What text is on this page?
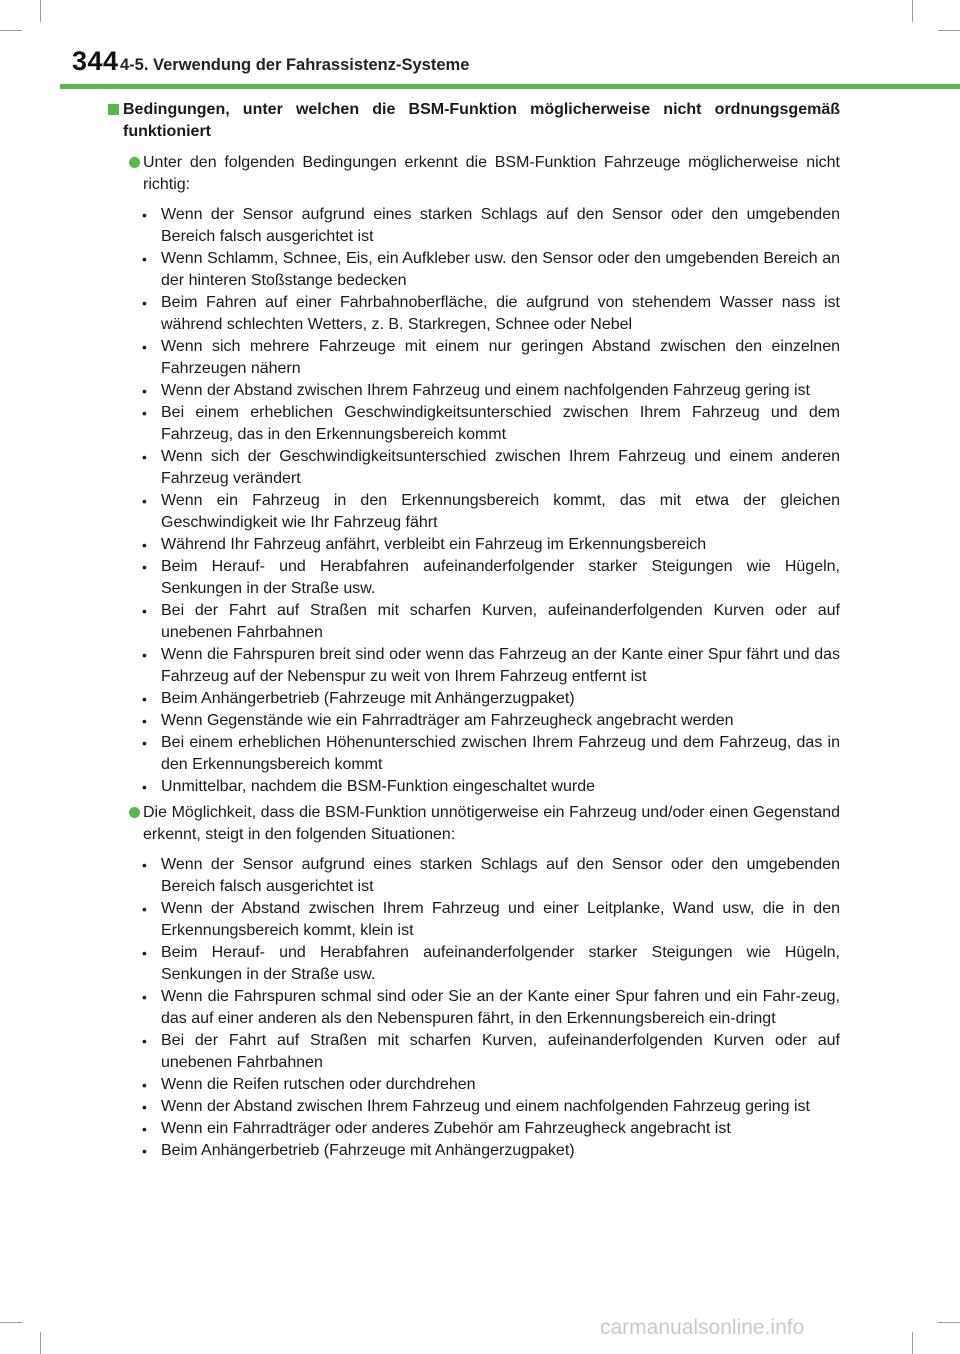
344 4-5. Verwendung der Fahrassistenz-Systeme
Bedingungen, unter welchen die BSM-Funktion möglicherweise nicht ordnungsgemäß funktioniert
Unter den folgenden Bedingungen erkennt die BSM-Funktion Fahrzeuge möglicherweise nicht richtig:
• Wenn der Sensor aufgrund eines starken Schlags auf den Sensor oder den umgebenden Bereich falsch ausgerichtet ist
• Wenn Schlamm, Schnee, Eis, ein Aufkleber usw. den Sensor oder den umgebenden Bereich an der hinteren Stoßstange bedecken
• Beim Fahren auf einer Fahrbahnoberfläche, die aufgrund von stehendem Wasser nass ist während schlechten Wetters, z. B. Starkregen, Schnee oder Nebel
• Wenn sich mehrere Fahrzeuge mit einem nur geringen Abstand zwischen den einzelnen Fahrzeugen nähern
• Wenn der Abstand zwischen Ihrem Fahrzeug und einem nachfolgenden Fahrzeug gering ist
• Bei einem erheblichen Geschwindigkeitsunterschied zwischen Ihrem Fahrzeug und dem Fahrzeug, das in den Erkennungsbereich kommt
• Wenn sich der Geschwindigkeitsunterschied zwischen Ihrem Fahrzeug und einem anderen Fahrzeug verändert
• Wenn ein Fahrzeug in den Erkennungsbereich kommt, das mit etwa der gleichen Geschwindigkeit wie Ihr Fahrzeug fährt
• Während Ihr Fahrzeug anfährt, verbleibt ein Fahrzeug im Erkennungsbereich
• Beim Herauf- und Herabfahren aufeinanderfolgender starker Steigungen wie Hügeln, Senkungen in der Straße usw.
• Bei der Fahrt auf Straßen mit scharfen Kurven, aufeinanderfolgenden Kurven oder auf unebenen Fahrbahnen
• Wenn die Fahrspuren breit sind oder wenn das Fahrzeug an der Kante einer Spur fährt und das Fahrzeug auf der Nebenspur zu weit von Ihrem Fahrzeug entfernt ist
• Beim Anhängerbetrieb (Fahrzeuge mit Anhängerzugpaket)
• Wenn Gegenstände wie ein Fahrradträger am Fahrzeugheck angebracht werden
• Bei einem erheblichen Höhenunterschied zwischen Ihrem Fahrzeug und dem Fahrzeug, das in den Erkennungsbereich kommt
• Unmittelbar, nachdem die BSM-Funktion eingeschaltet wurde
Die Möglichkeit, dass die BSM-Funktion unnötigerweise ein Fahrzeug und/oder einen Gegenstand erkennt, steigt in den folgenden Situationen:
• Wenn der Sensor aufgrund eines starken Schlags auf den Sensor oder den umgebenden Bereich falsch ausgerichtet ist
• Wenn der Abstand zwischen Ihrem Fahrzeug und einer Leitplanke, Wand usw, die in den Erkennungsbereich kommt, klein ist
• Beim Herauf- und Herabfahren aufeinanderfolgender starker Steigungen wie Hügeln, Senkungen in der Straße usw.
• Wenn die Fahrspuren schmal sind oder Sie an der Kante einer Spur fahren und ein Fahr-zeug, das auf einer anderen als den Nebenspuren fährt, in den Erkennungsbereich ein-dringt
• Bei der Fahrt auf Straßen mit scharfen Kurven, aufeinanderfolgenden Kurven oder auf unebenen Fahrbahnen
• Wenn die Reifen rutschen oder durchdrehen
• Wenn der Abstand zwischen Ihrem Fahrzeug und einem nachfolgenden Fahrzeug gering ist
• Wenn ein Fahrradträger oder anderes Zubehör am Fahrzeugheck angebracht ist
• Beim Anhängerbetrieb (Fahrzeuge mit Anhängerzugpaket)
carmanualsonline.info
